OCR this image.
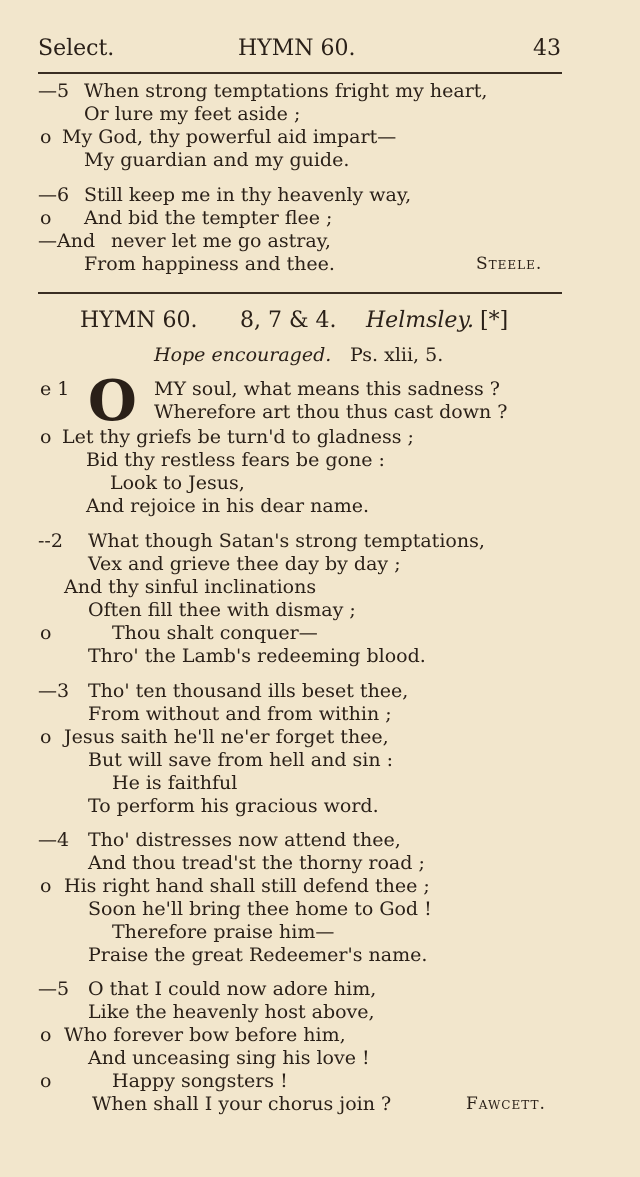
Select.	HYMN 60.	43
—5 When strong temptations fright my heart,
Or lure my feet aside ;
o My God, thy powerful aid impart—
My guardian and my guide.
—6 Still keep me in thy heavenly way,
o And bid the tempter flee ;
—And never let me go astray,
From happiness and thee.	Steele.
HYMN 60. 8, 7 & 4. Helmsley. [*]
Hope encouraged. Ps. xlii, 5.
e 1 O MY soul, what means this sadness ?
Wherefore art thou thus cast down ?
o Let thy griefs be turn'd to gladness ;
Bid thy restless fears be gone :
Look to Jesus,
And rejoice in his dear name.
--2 What though Satan's strong temptations,
Vex and grieve thee day by day ;
And thy sinful inclinations
Often fill thee with dismay ;
o	Thou shalt conquer—
Thro' the Lamb's redeeming blood.
—3 Tho' ten thousand ills beset thee,
From without and from within ;
o Jesus saith he'll ne'er forget thee,
But will save from hell and sin :
He is faithful
To perform his gracious word.
—4 Tho' distresses now attend thee,
And thou tread'st the thorny road ;
o His right hand shall still defend thee ;
Soon he'll bring thee home to God !
Therefore praise him—
Praise the great Redeemer's name.
—5 O that I could now adore him,
Like the heavenly host above,
o Who forever bow before him,
And unceasing sing his love !
o	Happy songsters !
When shall I your chorus join ?	Fawcett.
